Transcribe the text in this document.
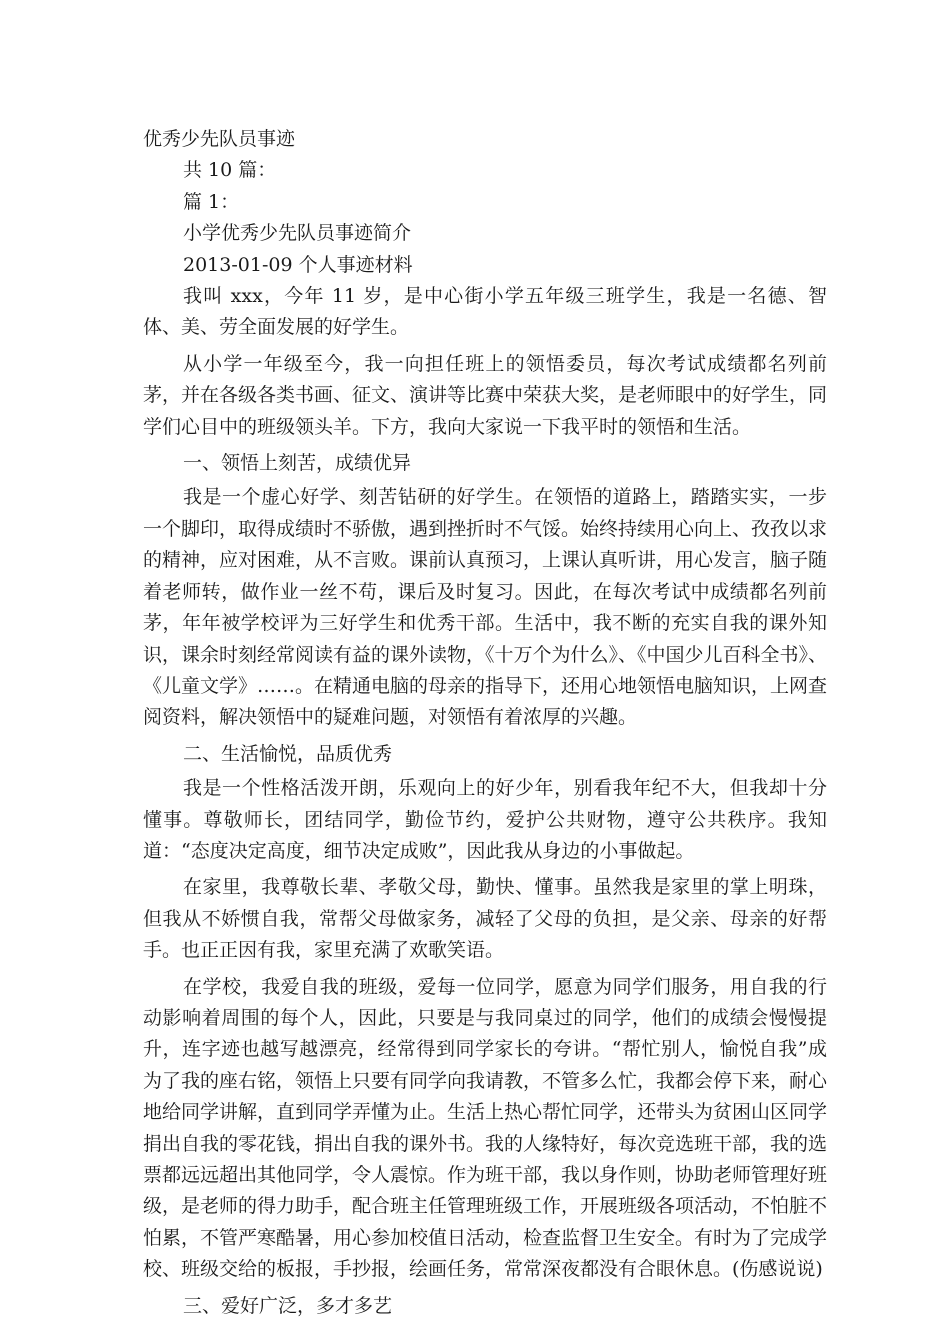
优秀少先队员事迹

共 10 篇：

篇 1：

小学优秀少先队员事迹简介

2013-01-09 个人事迹材料

我叫 xxx，今年 11 岁，是中心街小学五年级三班学生，我是一名德、智体、美、劳全面发展的好学生。

从小学一年级至今，我一向担任班上的领悟委员，每次考试成绩都名列前茅，并在各级各类书画、征文、演讲等比赛中荣获大奖，是老师眼中的好学生，同学们心目中的班级领头羊。下方，我向大家说一下我平时的领悟和生活。

一、领悟上刻苦，成绩优异

我是一个虚心好学、刻苦钻研的好学生。在领悟的道路上，踏踏实实，一步一个脚印，取得成绩时不骄傲，遇到挫折时不气馁。始终持续用心向上、孜孜以求的精神，应对困难，从不言败。课前认真预习，上课认真听讲，用心发言，脑子随着老师转，做作业一丝不苟，课后及时复习。因此，在每次考试中成绩都名列前茅，年年被学校评为三好学生和优秀干部。生活中，我不断的充实自我的课外知识，课余时刻经常阅读有益的课外读物，《十万个为什么》、《中国少儿百科全书》、《儿童文学》……。在精通电脑的母亲的指导下，还用心地领悟电脑知识，上网查阅资料，解决领悟中的疑难问题，对领悟有着浓厚的兴趣。

二、生活愉悦，品质优秀

我是一个性格活泼开朗，乐观向上的好少年，别看我年纪不大，但我却十分懂事。尊敬师长，团结同学，勤俭节约，爱护公共财物，遵守公共秩序。我知道：“态度决定高度，细节决定成败”，因此我从身边的小事做起。

在家里，我尊敬长辈、孝敬父母，勤快、懂事。虽然我是家里的掌上明珠，但我从不娇惯自我，常帮父母做家务，减轻了父母的负担，是父亲、母亲的好帮手。也正正因有我，家里充满了欢歌笑语。

在学校，我爱自我的班级，爱每一位同学，愿意为同学们服务，用自我的行动影响着周围的每个人，因此，只要是与我同桌过的同学，他们的成绩会慢慢提升，连字迹也越写越漂亮，经常得到同学家长的夸讲。“帮忙别人，愉悦自我”成为了我的座右铭，领悟上只要有同学向我请教，不管多么忙，我都会停下来，耐心地给同学讲解，直到同学弄懂为止。生活上热心帮忙同学，还带头为贫困山区同学捐出自我的零花钱，捐出自我的课外书。我的人缘特好，每次竞选班干部，我的选票都远远超出其他同学，令人震惊。作为班干部，我以身作则，协助老师管理好班级，是老师的得力助手，配合班主任管理班级工作，开展班级各项活动，不怕脏不怕累，不管严寒酷暑，用心参加校值日活动，检查监督卫生安全。有时为了完成学校、班级交给的板报，手抄报，绘画任务，常常深夜都没有合眼休息。(伤感说说)

三、爱好广泛，多才多艺
